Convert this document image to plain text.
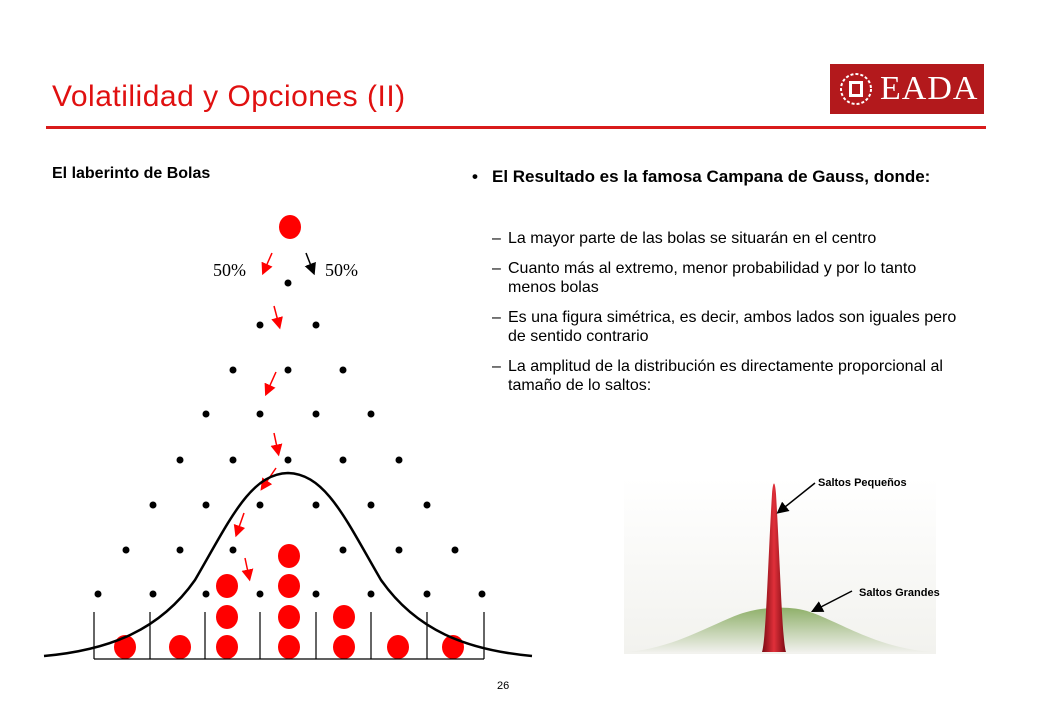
Volatilidad y Opciones (II)	EADA
El laberinto de Bolas	• El Resultado es la famosa Campana de Gauss, donde:
– La mayor parte de las bolas se situarán en el centro
– Cuanto más al extremo, menor probabilidad y por lo tanto menos bolas
– Es una figura simétrica, es decir, ambos lados son iguales pero de sentido contrario
– La amplitud de la distribución es directamente proporcional al tamaño de lo saltos:
50%	50%
Saltos Pequeños
Saltos Grandes
26
